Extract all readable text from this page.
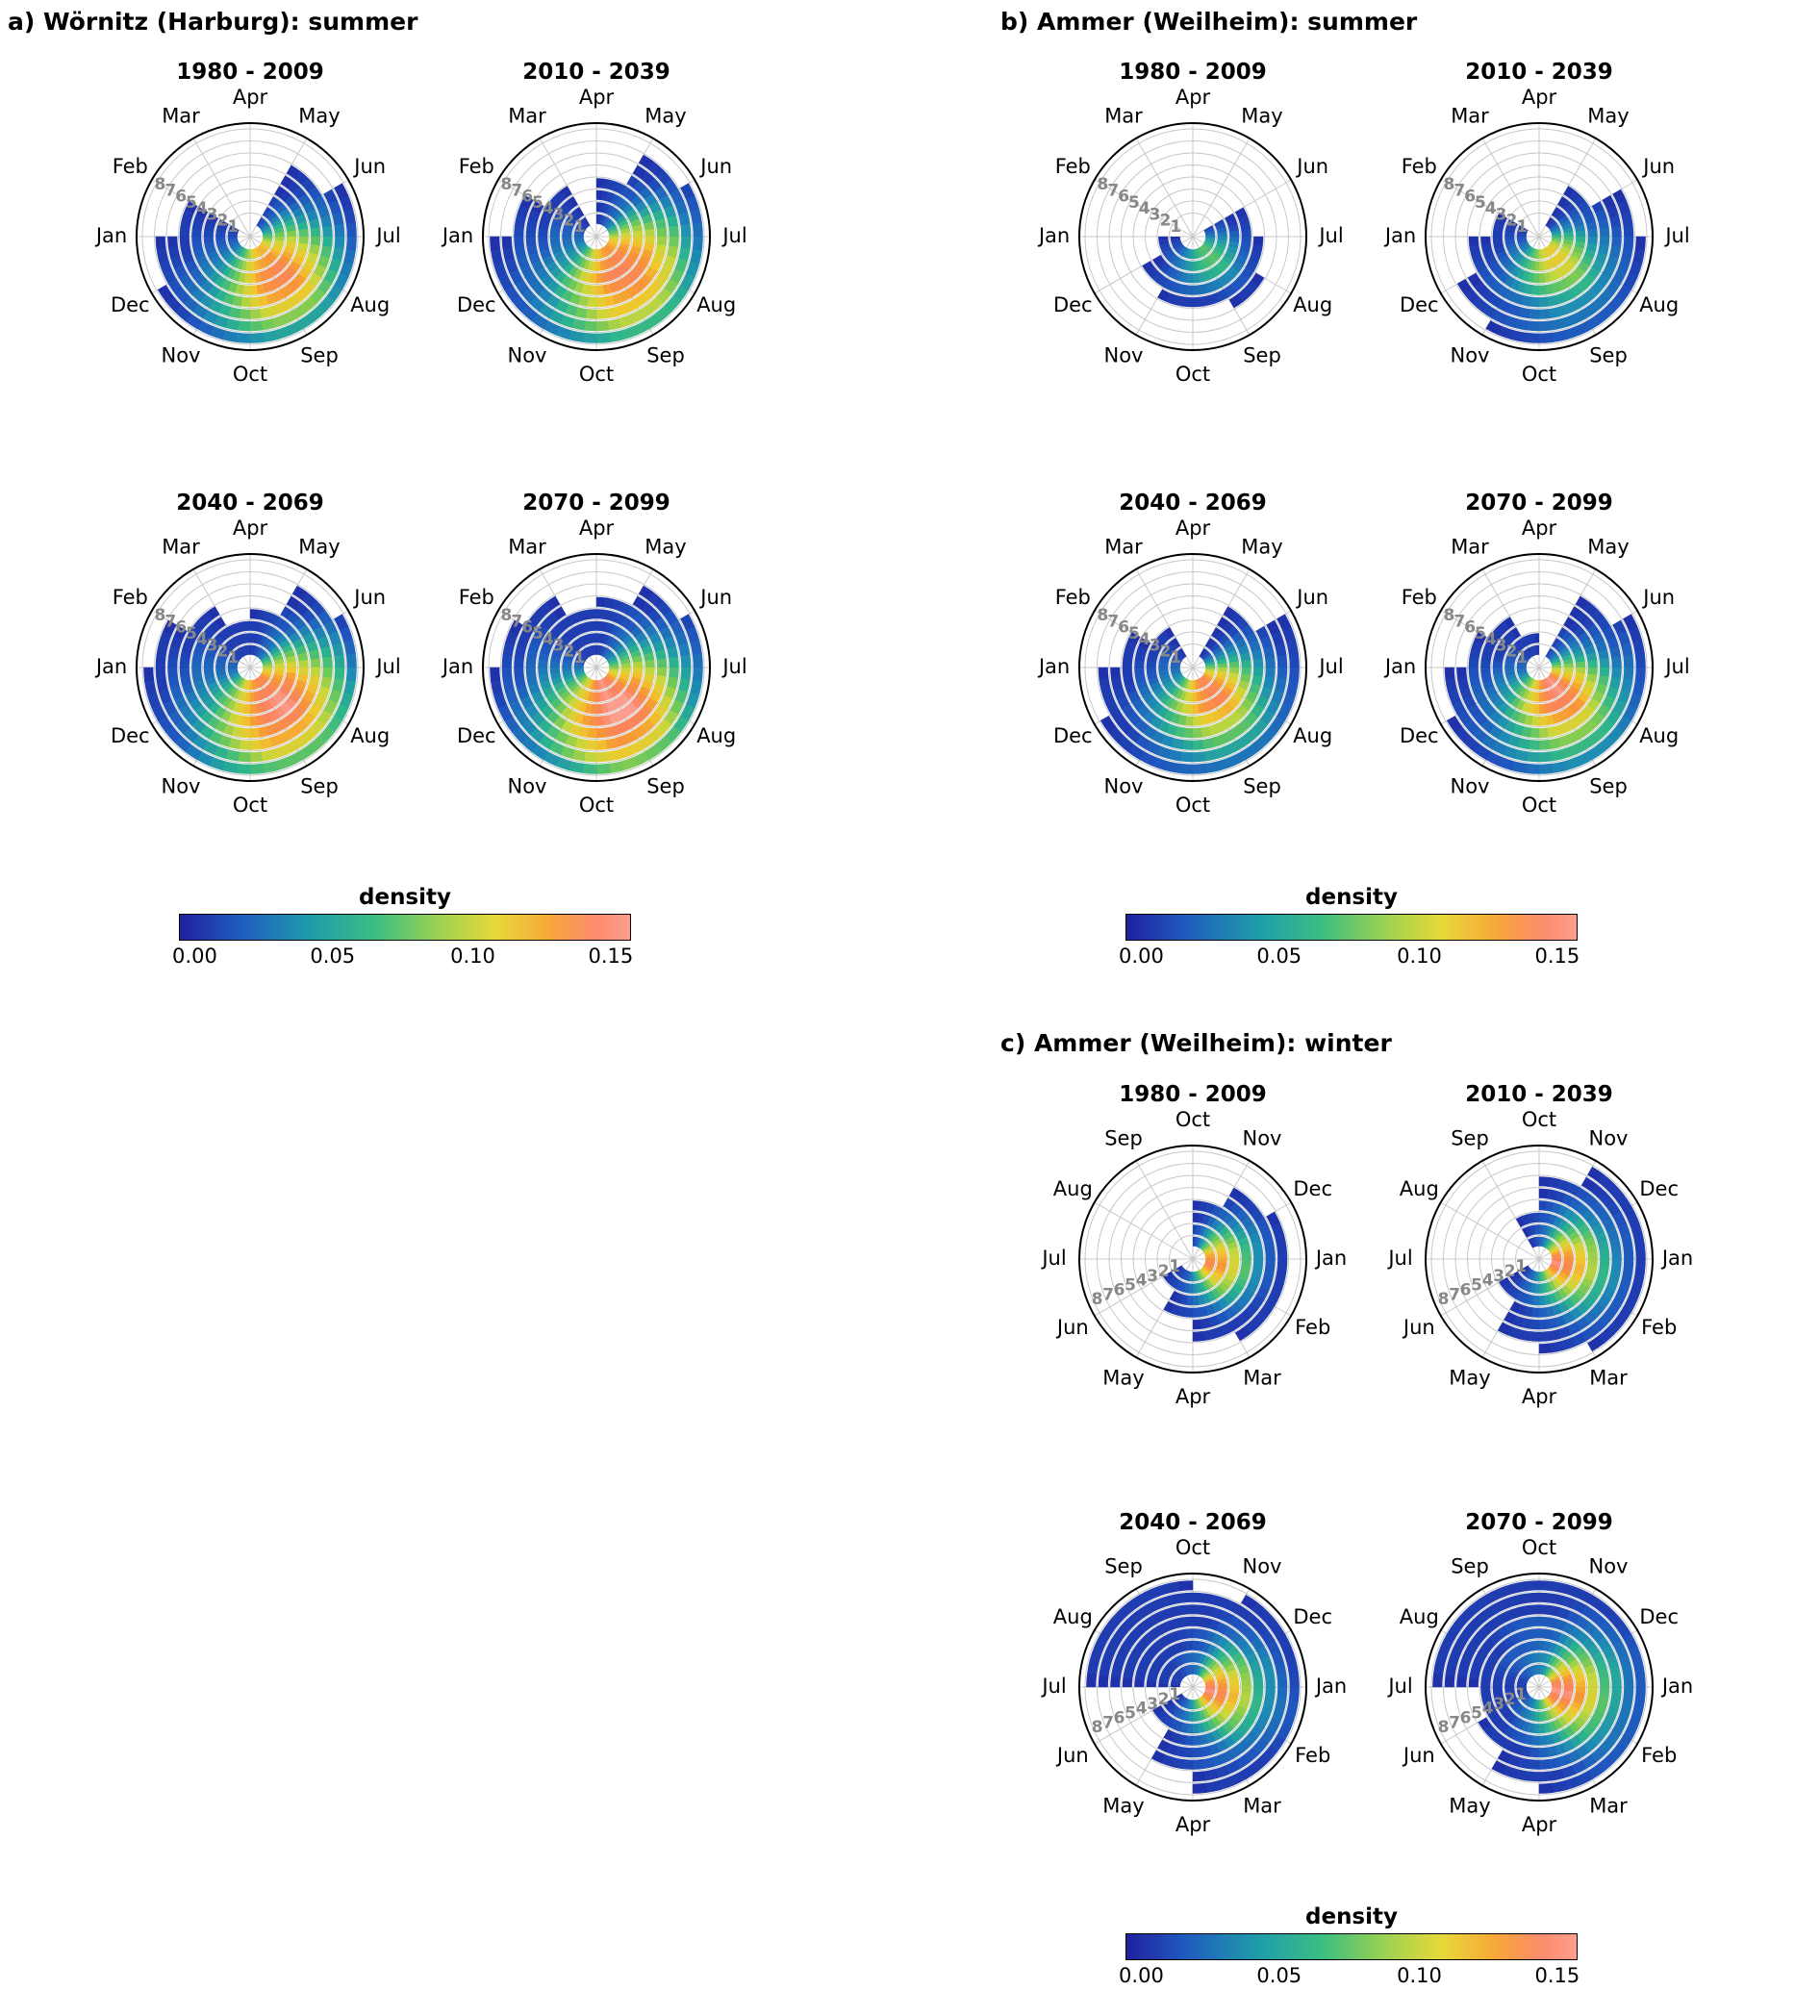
a) Wörnitz (Harburg): summer
1980 - 2009
1
2
3
4
5
6
7
8
Apr
May
Jun
Jul
Aug
Sep
Oct
Nov
Dec
Jan
Feb
Mar
2010 - 2039
1
2
3
4
5
6
7
8
Apr
May
Jun
Jul
Aug
Sep
Oct
Nov
Dec
Jan
Feb
Mar
2040 - 2069
1
2
3
4
5
6
7
8
Apr
May
Jun
Jul
Aug
Sep
Oct
Nov
Dec
Jan
Feb
Mar
2070 - 2099
1
2
3
4
5
6
7
8
Apr
May
Jun
Jul
Aug
Sep
Oct
Nov
Dec
Jan
Feb
Mar
density
0.00	0.05	0.10	0.15
b) Ammer (Weilheim): summer
1980 - 2009
1
2
3
4
5
6
7
8
Apr
May
Jun
Jul
Aug
Sep
Oct
Nov
Dec
Jan
Feb
Mar
2010 - 2039
1
2
3
4
5
6
7
8
Apr
May
Jun
Jul
Aug
Sep
Oct
Nov
Dec
Jan
Feb
Mar
2040 - 2069
1
2
3
4
5
6
7
8
Apr
May
Jun
Jul
Aug
Sep
Oct
Nov
Dec
Jan
Feb
Mar
2070 - 2099
1
2
3
4
5
6
7
8
Apr
May
Jun
Jul
Aug
Sep
Oct
Nov
Dec
Jan
Feb
Mar
density
0.00	0.05	0.10	0.15
c) Ammer (Weilheim): winter
1980 - 2009
1
2
3
4
5
6
7
8
Oct
Nov
Dec
Jan
Feb
Mar
Apr
May
Jun
Jul
Aug
Sep
2010 - 2039
1
2
3
4
5
6
7
8
Oct
Nov
Dec
Jan
Feb
Mar
Apr
May
Jun
Jul
Aug
Sep
2040 - 2069
1
2
3
4
5
6
7
8
Oct
Nov
Dec
Jan
Feb
Mar
Apr
May
Jun
Jul
Aug
Sep
2070 - 2099
1
2
3
4
5
6
7
8
Oct
Nov
Dec
Jan
Feb
Mar
Apr
May
Jun
Jul
Aug
Sep
density
0.00	0.05	0.10	0.15
